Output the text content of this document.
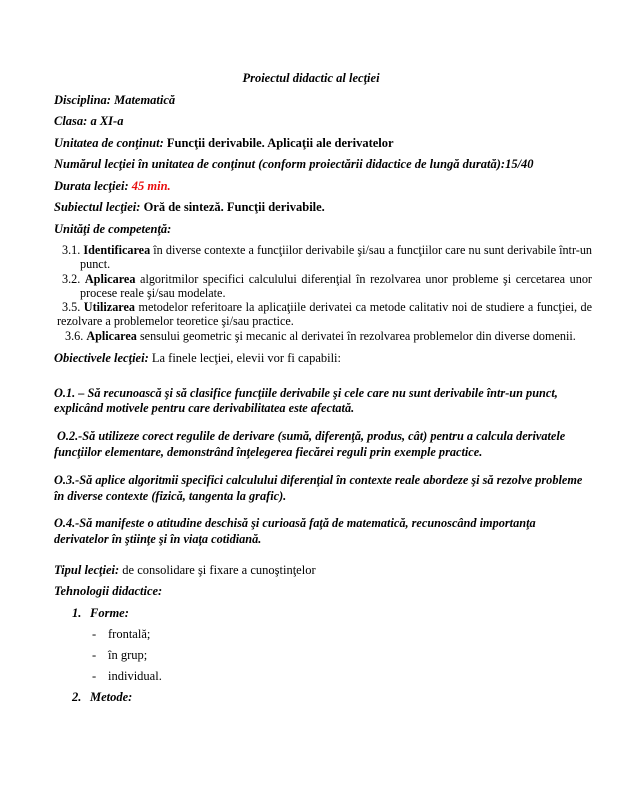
Proiectul didactic al lecţiei

Disciplina: Matematică

Clasa: a XI-a

Unitatea de conţinut: Funcţii derivabile. Aplicaţii ale derivatelor

Numărul lecţiei în unitatea de conţinut (conform proiectării didactice de lungă durată):15/40

Durata lecţiei: 45 min.

Subiectul lecţiei: Oră de sinteză. Funcţii derivabile.

Unităţi de competenţă:

3.1. Identificarea în diverse contexte a funcţiilor derivabile şi/sau a funcţiilor care nu sunt derivabile într-un punct.

3.2. Aplicarea algoritmilor specifici calculului diferenţial în rezolvarea unor probleme şi cercetarea unor procese reale şi/sau modelate.

3.5. Utilizarea metodelor referitoare la aplicaţiile derivatei ca metode calitativ noi de studiere a funcţiei, de rezolvare a problemelor teoretice şi/sau practice.

3.6. Aplicarea sensului geometric şi mecanic al derivatei în rezolvarea problemelor din diverse domenii.

Obiectivele lecţiei: La finele lecţiei, elevii vor fi capabili:

O.1. – Să recunoască şi să clasifice funcţiile derivabile şi cele care nu sunt derivabile într-un punct, explicând motivele pentru care derivabilitatea este afectată.

O.2.-Să utilizeze corect regulile de derivare (sumă, diferenţă, produs, cât) pentru a calcula derivatele funcţiilor elementare, demonstrând înţelegerea fiecărei reguli prin exemple practice.

O.3.-Să aplice algoritmii specifici calculului diferenţial în contexte reale abordeze şi să rezolve probleme în diverse contexte (fizică, tangenta la grafic).

O.4.-Să manifeste o atitudine deschisă şi curioasă faţă de matematică, recunoscând importanţa derivatelor în ştiinţe şi în viaţa cotidiană.

Tipul lecţiei: de consolidare şi fixare a cunoştinţelor

Tehnologii didactice:

1. Forme:
- frontală;
- în grup;
- individual.
2. Metode:
